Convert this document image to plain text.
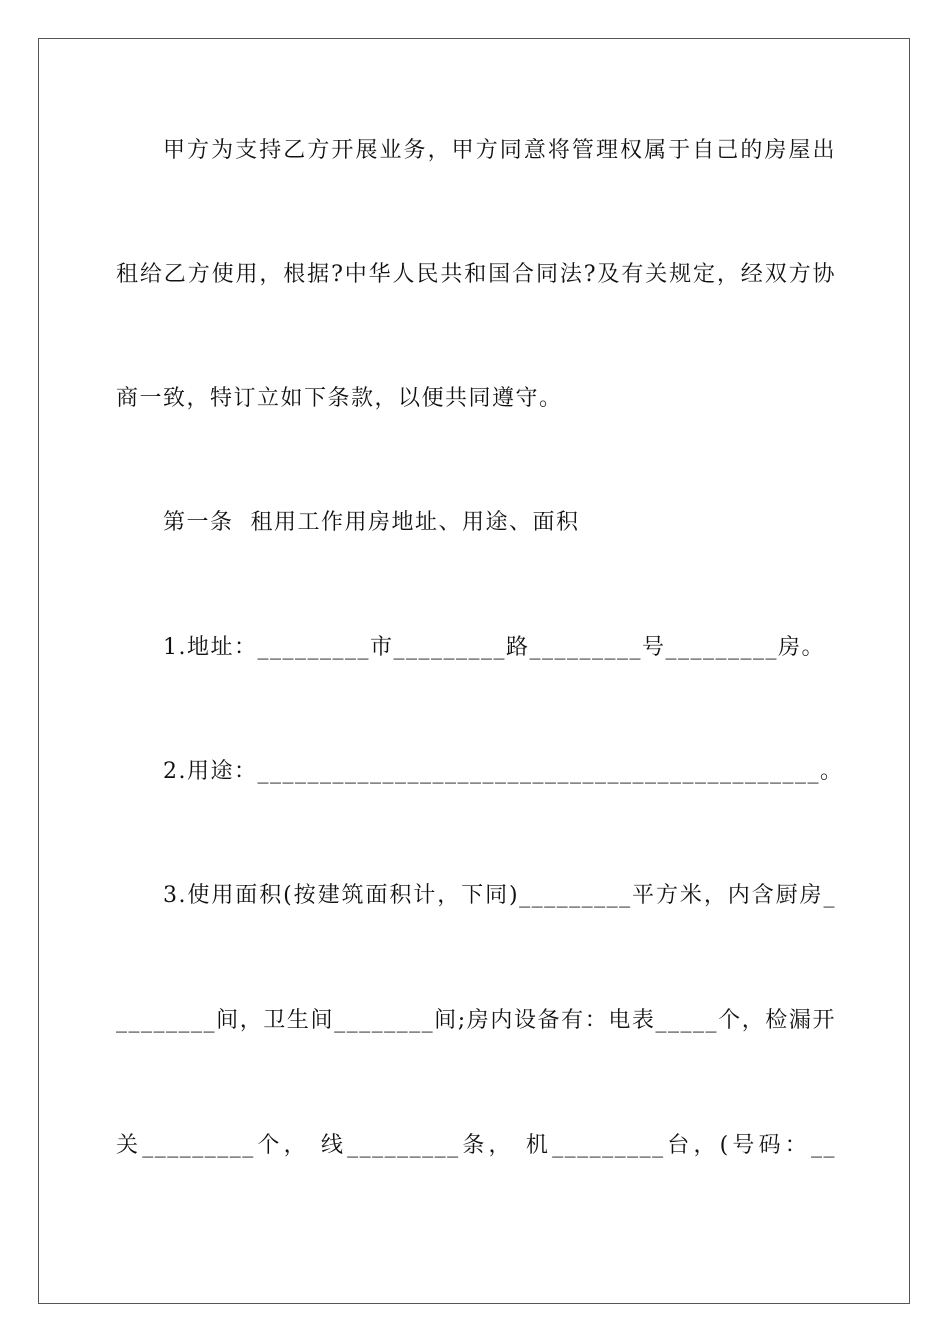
甲方为支持乙方开展业务，甲方同意将管理权属于自己的房屋出
租给乙方使用，根据?中华人民共和国合同法?及有关规定，经双方协
商一致，特订立如下条款，以便共同遵守。
第一条  租用工作用房地址、用途、面积
1.地址：_________市_________路_________号_________房。
2.用途：_____________________________________________。
3.使用面积(按建筑面积计，下同)_________平方米，内含厨房_
________间，卫生间________间;房内设备有：电表_____个，检漏开
关_________个， 线_________条， 机_________台，(号码：__
